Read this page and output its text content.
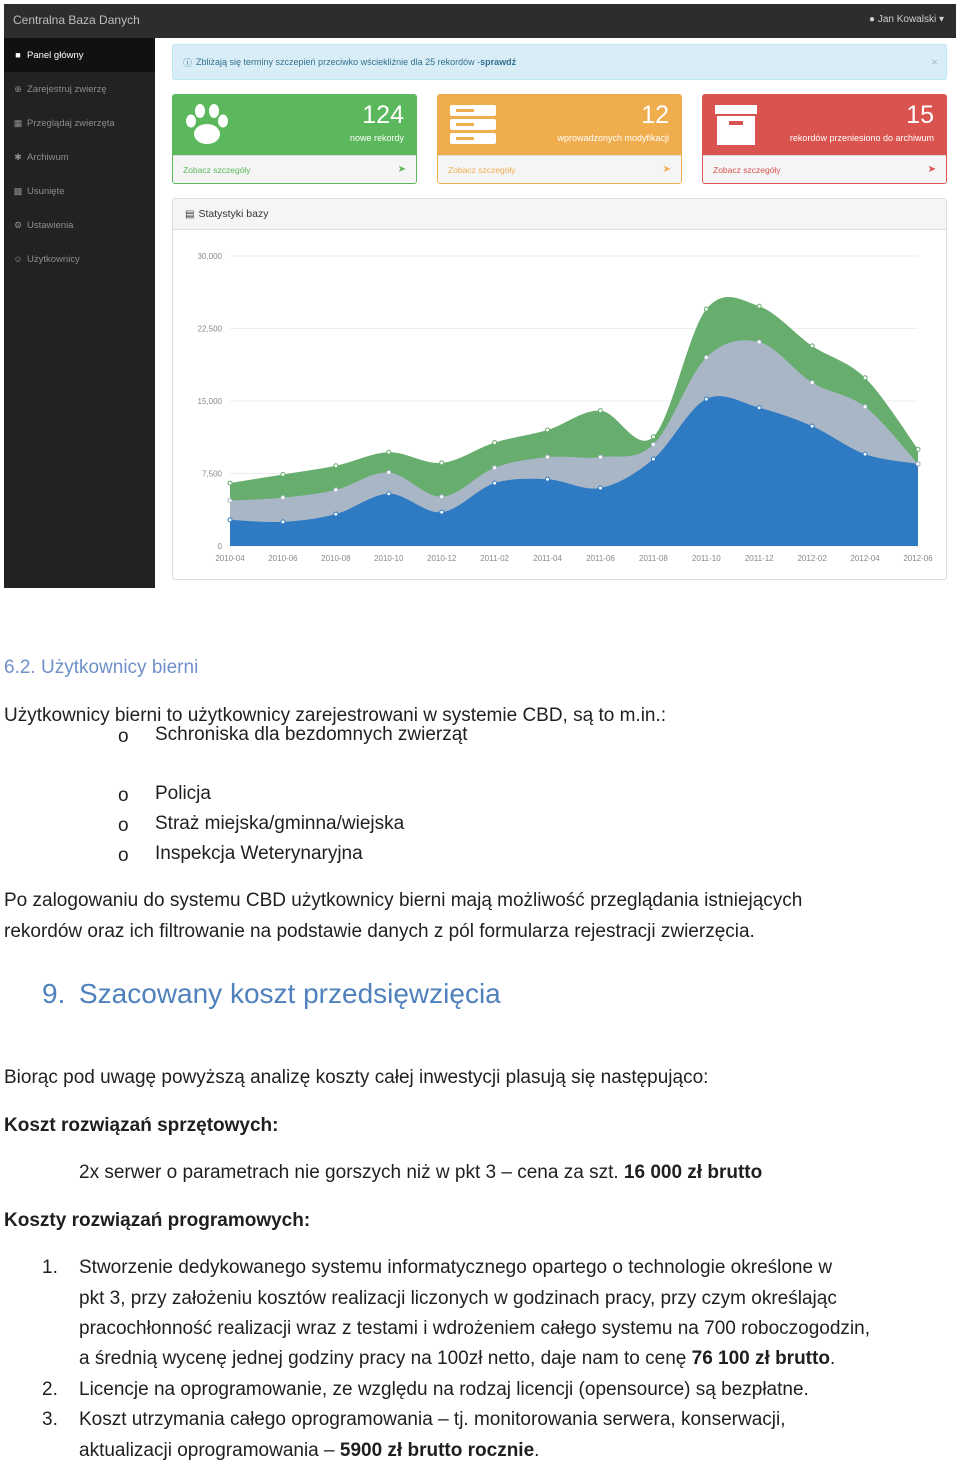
Centralna Baza Danych	● Jan Kowalski ▾
■ Panel główny
⊕ Zarejestruj zwierzę
▦ Przeglądaj zwierzęta
✱ Archiwum
▩ Usunięte
⚙ Ustawienia
☺ Użytkownicy
ⓘ Zbliżają się terminy szczepień przeciwko wściekliźnie dla 25 rekordów - sprawdź	×
124
nowe rekordy
Zobacz szczegóły	➤
12
wprowadzonych modyfikacji
Zobacz szczegóły	➤
15
rekordów przeniesiono do archiwum
Zobacz szczegóły	➤
▤ Statystyki bazy
0
7,500
15,000
22,500
30,000
2010-04	2010-06	2010-08	2010-10	2010-12	2011-02	2011-04	2011-06	2011-08	2011-10	2011-12	2012-02	2012-04	2012-06
6.2. Użytkownicy bierni
Użytkownicy bierni to użytkownicy zarejestrowani w systemie CBD, są to m.in.:
o Schroniska dla bezdomnych zwierząt
o Policja
o Straż miejska/gminna/wiejska
o Inspekcja Weterynaryjna
Po zalogowaniu do systemu CBD użytkownicy bierni mają możliwość przeglądania istniejących
rekordów oraz ich filtrowanie na podstawie danych z pól formularza rejestracji zwierzęcia.
9. Szacowany koszt przedsięwzięcia
Biorąc pod uwagę powyższą analizę koszty całej inwestycji plasują się następująco:
Koszt rozwiązań sprzętowych:
2x serwer o parametrach nie gorszych niż w pkt 3 – cena za szt. 16 000 zł brutto
Koszty rozwiązań programowych:
1. Stworzenie dedykowanego systemu informatycznego opartego o technologie określone w
pkt 3, przy założeniu kosztów realizacji liczonych w godzinach pracy, przy czym określając
pracochłonność realizacji wraz z testami i wdrożeniem całego systemu na 700 roboczogodzin,
a średnią wycenę jednej godziny pracy na 100zł netto, daje nam to cenę 76 100 zł brutto.
2. Licencje na oprogramowanie, ze względu na rodzaj licencji (opensource) są bezpłatne.
3. Koszt utrzymania całego oprogramowania – tj. monitorowania serwera, konserwacji,
aktualizacji oprogramowania – 5900 zł brutto rocznie.
